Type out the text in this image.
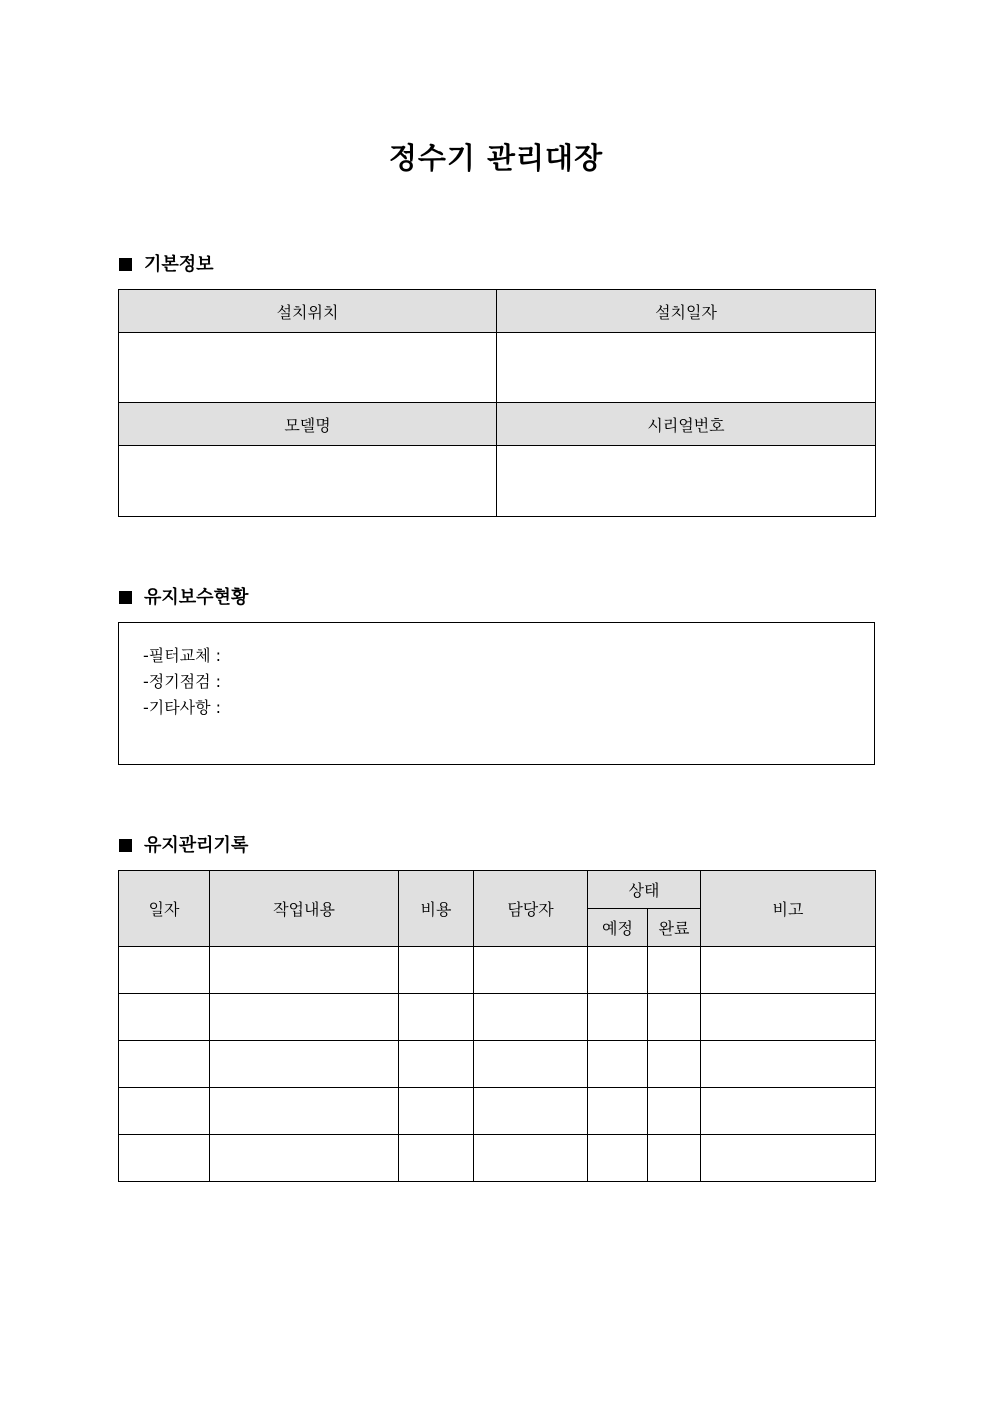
정수기 관리대장
기본정보
설치위치	설치일자

모델명	시리얼번호

유지보수현황
-필터교체 :
-정기점검 :
-기타사항 :
유지관리기록
일자	작업내용	비용	담당자	상태		비고
				예정	완료	
